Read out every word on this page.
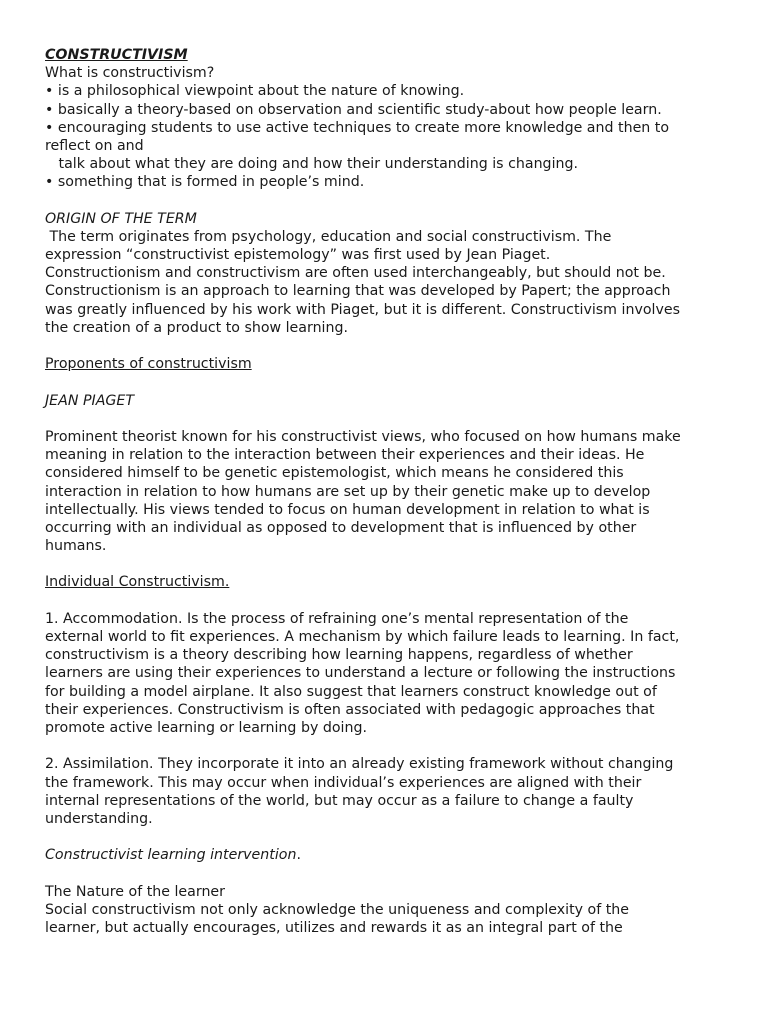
CONSTRUCTIVISM
What is constructivism?
• is a philosophical viewpoint about the nature of knowing.
• basically a theory-based on observation and scientific study-about how people learn.
• encouraging students to use active techniques to create more knowledge and then to
reflect on and
talk about what they are doing and how their understanding is changing.
• something that is formed in people’s mind.
ORIGIN OF THE TERM
The term originates from psychology, education and social constructivism. The
expression “constructivist epistemology” was first used by Jean Piaget.
Constructionism and constructivism are often used interchangeably, but should not be.
Constructionism is an approach to learning that was developed by Papert; the approach
was greatly influenced by his work with Piaget, but it is different. Constructivism involves
the creation of a product to show learning.
Proponents of constructivism
JEAN PIAGET
Prominent theorist known for his constructivist views, who focused on how humans make
meaning in relation to the interaction between their experiences and their ideas. He
considered himself to be genetic epistemologist, which means he considered this
interaction in relation to how humans are set up by their genetic make up to develop
intellectually. His views tended to focus on human development in relation to what is
occurring with an individual as opposed to development that is influenced by other
humans.
Individual Constructivism.
1. Accommodation. Is the process of refraining one’s mental representation of the
external world to fit experiences. A mechanism by which failure leads to learning. In fact,
constructivism is a theory describing how learning happens, regardless of whether
learners are using their experiences to understand a lecture or following the instructions
for building a model airplane. It also suggest that learners construct knowledge out of
their experiences. Constructivism is often associated with pedagogic approaches that
promote active learning or learning by doing.
2. Assimilation. They incorporate it into an already existing framework without changing
the framework. This may occur when individual’s experiences are aligned with their
internal representations of the world, but may occur as a failure to change a faulty
understanding.
Constructivist learning intervention.
The Nature of the learner
Social constructivism not only acknowledge the uniqueness and complexity of the
learner, but actually encourages, utilizes and rewards it as an integral part of the
